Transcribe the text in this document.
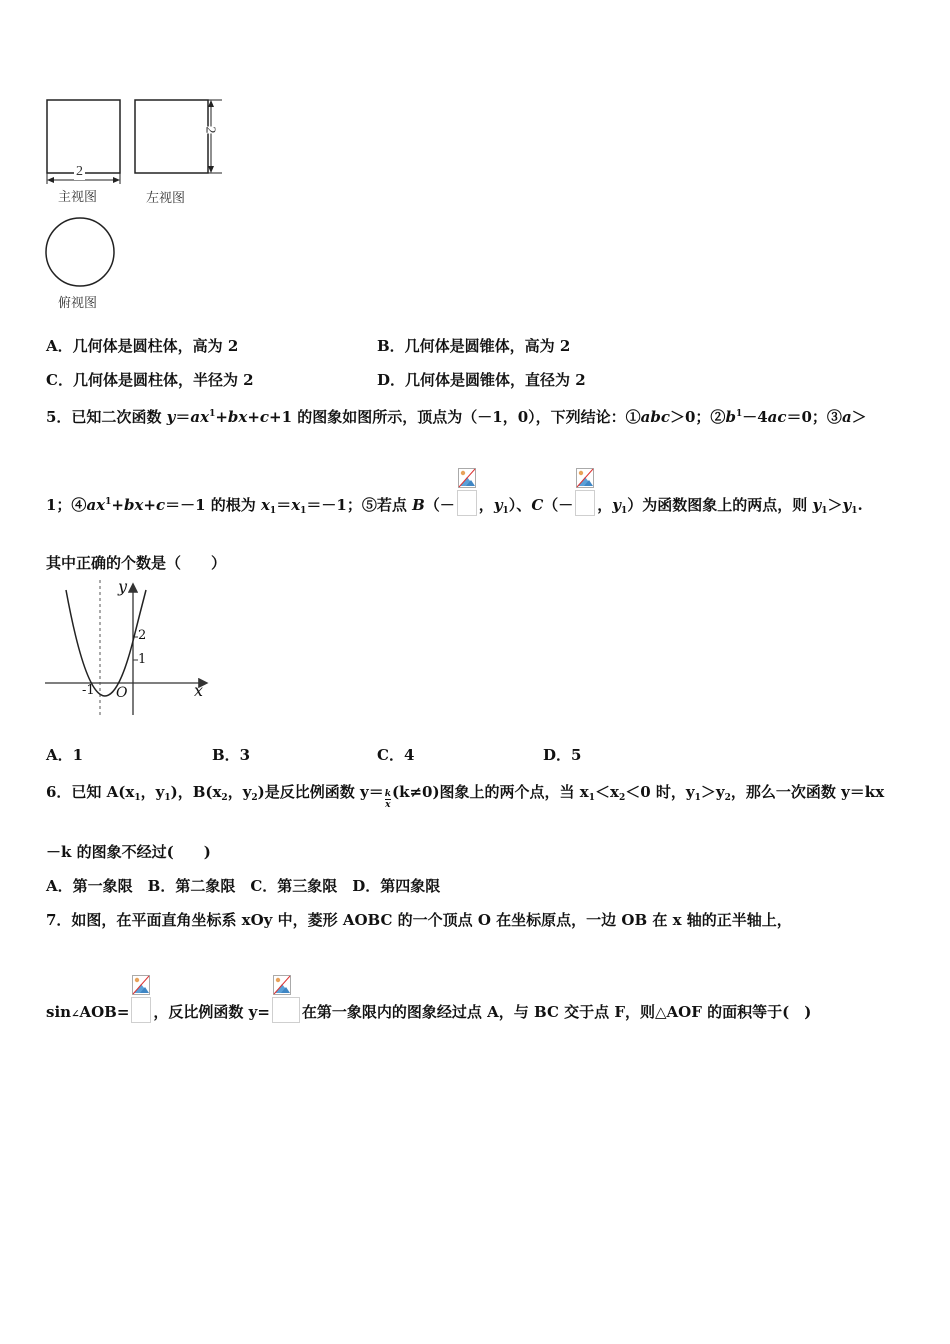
2
2
主视图	左视图
俯视图
A．几何体是圆柱体，高为 2	B．几何体是圆锥体，高为 2
C．几何体是圆柱体，半径为 2	D．几何体是圆锥体，直径为 2
5．已知二次函数 $y=ax^1+bx+c+1$ 的图象如图所示，顶点为（－1，0），下列结论：①abc＞0；$②b^1-4ac=0$；③a＞
1；$④ax^1+bx+c=-1$ 的根为 $x_1=x_1=-1$；⑤若点 B（－ ，$y_1$）、C（－ ，$y_1$）为函数图象上的两点，则 $y_1>y_1$.
其中正确的个数是（　　）
y
x
2
1
-1 O
A．1	B．3	C．4	D．5
6．已知 $A(x_1$，$y_1$)，$B(x_2$，$y_2$)是反比例函数 $y= \frac{k}{x} (k\ne 0)$图象上的两个点，当 $x_1<x_2<0$ 时，$y_1>y_2$，那么一次函数 y＝kx
－k 的图象不经过(　　)
A．第一象限　B．第二象限　C．第三象限　D．第四象限
7．如图，在平面直角坐标系 xOy 中，菱形 AOBC 的一个顶点 O 在坐标原点，一边 OB 在 x 轴的正半轴上，
sin∠AOB= ，反比例函数 y= 在第一象限内的图象经过点 A，与 BC 交于点 F，则△AOF 的面积等于(　)
